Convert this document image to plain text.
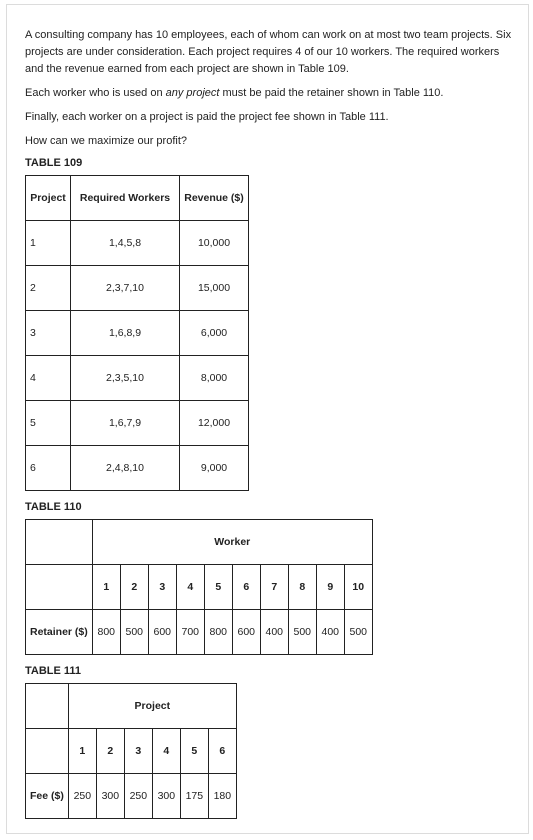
A consulting company has 10 employees, each of whom can work on at most two team projects. Six projects are under consideration. Each project requires 4 of our 10 workers. The required workers and the revenue earned from each project are shown in Table 109.

Each worker who is used on any project must be paid the retainer shown in Table 110.

Finally, each worker on a project is paid the project fee shown in Table 111.

How can we maximize our profit?

TABLE 109
Project	Required Workers	Revenue ($)
1	1,4,5,8	10,000
2	2,3,7,10	15,000
3	1,6,8,9	6,000
4	2,3,5,10	8,000
5	1,6,7,9	12,000
6	2,4,8,10	9,000
TABLE 110
	Worker									
	1	2	3	4	5	6	7	8	9	10
Retainer ($)	800	500	600	700	800	600	400	500	400	500
TABLE 111
	Project					
	1	2	3	4	5	6
Fee ($)	250	300	250	300	175	180
